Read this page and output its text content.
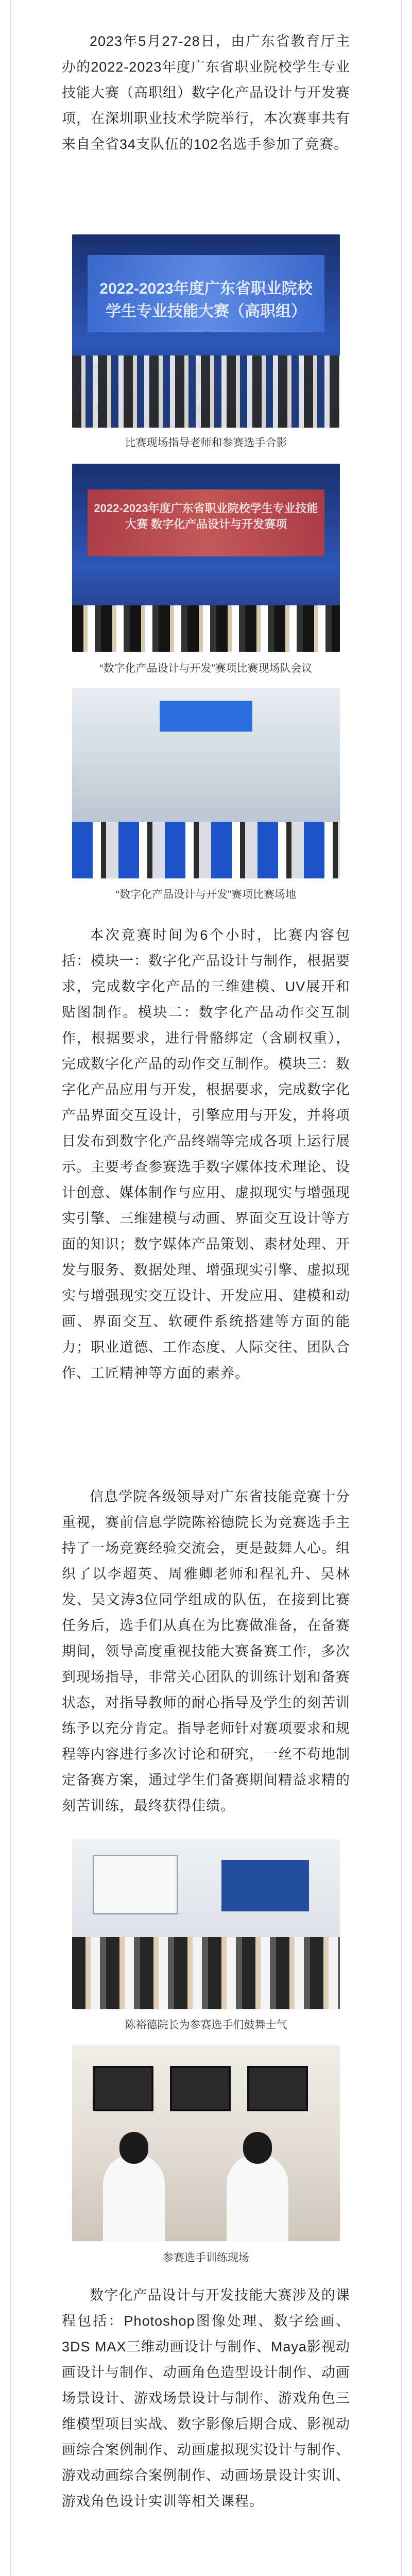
2023年5月27-28日，由广东省教育厅主办的2022-2023年度广东省职业院校学生专业技能大赛（高职组）数字化产品设计与开发赛项，在深圳职业技术学院举行，本次赛事共有来自全省34支队伍的102名选手参加了竞赛。

2022-2023年度广东省职业院校学生专业技能大赛（高职组）
比赛现场指导老师和参赛选手合影
2022-2023年度广东省职业院校学生专业技能大赛 数字化产品设计与开发赛项
“数字化产品设计与开发”赛项比赛现场队会议
“数字化产品设计与开发”赛项比赛场地

本次竞赛时间为6个小时，比赛内容包括：模块一：数字化产品设计与制作，根据要求，完成数字化产品的三维建模、UV展开和贴图制作。模块二：数字化产品动作交互制作，根据要求，进行骨骼绑定（含刷权重），完成数字化产品的动作交互制作。模块三：数字化产品应用与开发，根据要求，完成数字化产品界面交互设计，引擎应用与开发，并将项目发布到数字化产品终端等完成各项上运行展示。主要考查参赛选手数字媒体技术理论、设计创意、媒体制作与应用、虚拟现实与增强现实引擎、三维建模与动画、界面交互设计等方面的知识；数字媒体产品策划、素材处理、开发与服务、数据处理、增强现实引擎、虚拟现实与增强现实交互设计、开发应用、建模和动画、界面交互、软硬件系统搭建等方面的能力；职业道德、工作态度、人际交往、团队合作、工匠精神等方面的素养。

信息学院各级领导对广东省技能竞赛十分重视，赛前信息学院陈裕德院长为竞赛选手主持了一场竞赛经验交流会，更是鼓舞人心。组织了以李超英、周雅卿老师和程礼升、吴林发、吴文涛3位同学组成的队伍，在接到比赛任务后，选手们从真在为比赛做准备，在备赛期间，领导高度重视技能大赛备赛工作，多次到现场指导，非常关心团队的训练计划和备赛状态，对指导教师的耐心指导及学生的刻苦训练予以充分肯定。指导老师针对赛项要求和规程等内容进行多次讨论和研究，一丝不苟地制定备赛方案，通过学生们备赛期间精益求精的刻苦训练，最终获得佳绩。

陈裕德院长为参赛选手们鼓舞士气
参赛选手训练现场

数字化产品设计与开发技能大赛涉及的课程包括：Photoshop图像处理、数字绘画、3DS MAX三维动画设计与制作、Maya影视动画设计与制作、动画角色造型设计制作、动画场景设计、游戏场景设计与制作、游戏角色三维模型项目实战、数字影像后期合成、影视动画综合案例制作、动画虚拟现实设计与制作、游戏动画综合案例制作、动画场景设计实训、游戏角色设计实训等相关课程。
